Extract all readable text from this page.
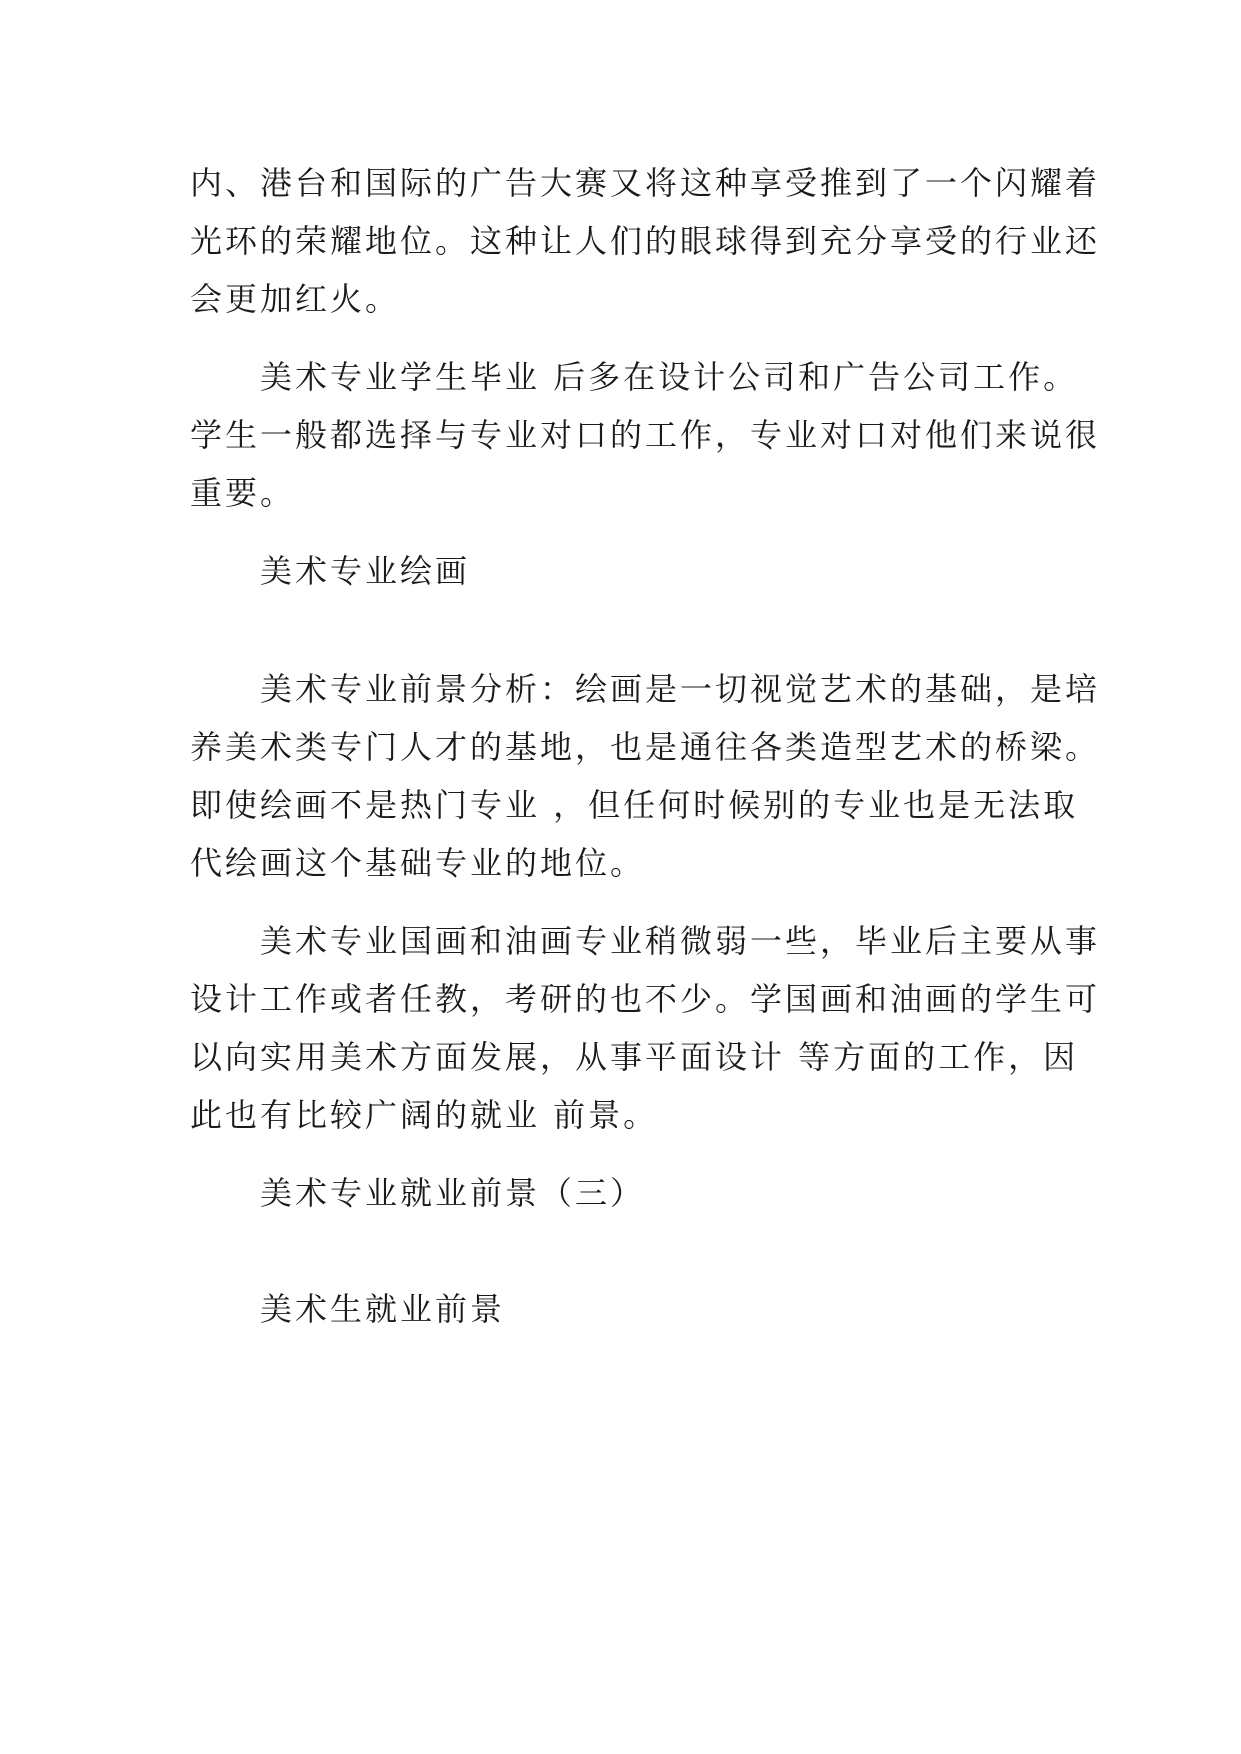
内、港台和国际的广告大赛又将这种享受推到了一个闪耀着
光环的荣耀地位。这种让人们的眼球得到充分享受的行业还
会更加红火。

美术专业学生毕业 后多在设计公司和广告公司工作。
学生一般都选择与专业对口的工作，专业对口对他们来说很
重要。

美术专业绘画

美术专业前景分析：绘画是一切视觉艺术的基础，是培
养美术类专门人才的基地，也是通往各类造型艺术的桥梁。
即使绘画不是热门专业 ，但任何时候别的专业也是无法取
代绘画这个基础专业的地位。

美术专业国画和油画专业稍微弱一些，毕业后主要从事
设计工作或者任教，考研的也不少。学国画和油画的学生可
以向实用美术方面发展，从事平面设计 等方面的工作，因
此也有比较广阔的就业 前景。

美术专业就业前景（三）

美术生就业前景
